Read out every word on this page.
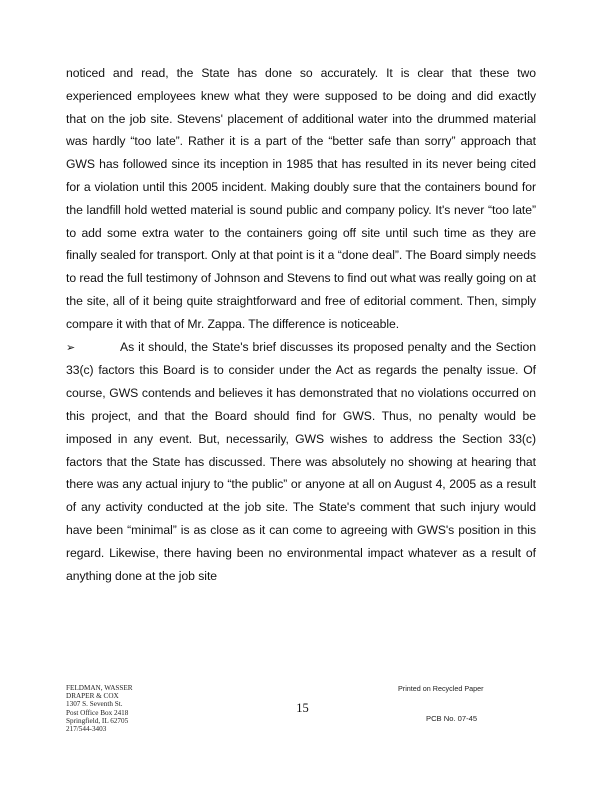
noticed and read, the State has done so accurately. It is clear that these two experienced employees knew what they were supposed to be doing and did exactly that on the job site. Stevens' placement of additional water into the drummed material was hardly “too late”. Rather it is a part of the “better safe than sorry” approach that GWS has followed since its inception in 1985 that has resulted in its never being cited for a violation until this 2005 incident. Making doubly sure that the containers bound for the landfill hold wetted material is sound public and company policy. It's never “too late” to add some extra water to the containers going off site until such time as they are finally sealed for transport. Only at that point is it a “done deal”. The Board simply needs to read the full testimony of Johnson and Stevens to find out what was really going on at the site, all of it being quite straightforward and free of editorial comment. Then, simply compare it with that of Mr. Zappa. The difference is noticeable.

➢	As it should, the State's brief discusses its proposed penalty and the Section 33(c) factors this Board is to consider under the Act as regards the penalty issue. Of course, GWS contends and believes it has demonstrated that no violations occurred on this project, and that the Board should find for GWS. Thus, no penalty would be imposed in any event. But, necessarily, GWS wishes to address the Section 33(c) factors that the State has discussed. There was absolutely no showing at hearing that there was any actual injury to “the public” or anyone at all on August 4, 2005 as a result of any activity conducted at the job site. The State's comment that such injury would have been “minimal” is as close as it can come to agreeing with GWS's position in this regard. Likewise, there having been no environmental impact whatever as a result of anything done at the job site

FELDMAN, WASSER
DRAPER & COX
1307 S. Seventh St.
Post Office Box 2418
Springfield, IL 62705
217/544-3403
15
Printed on Recycled Paper
PCB No. 07-45
